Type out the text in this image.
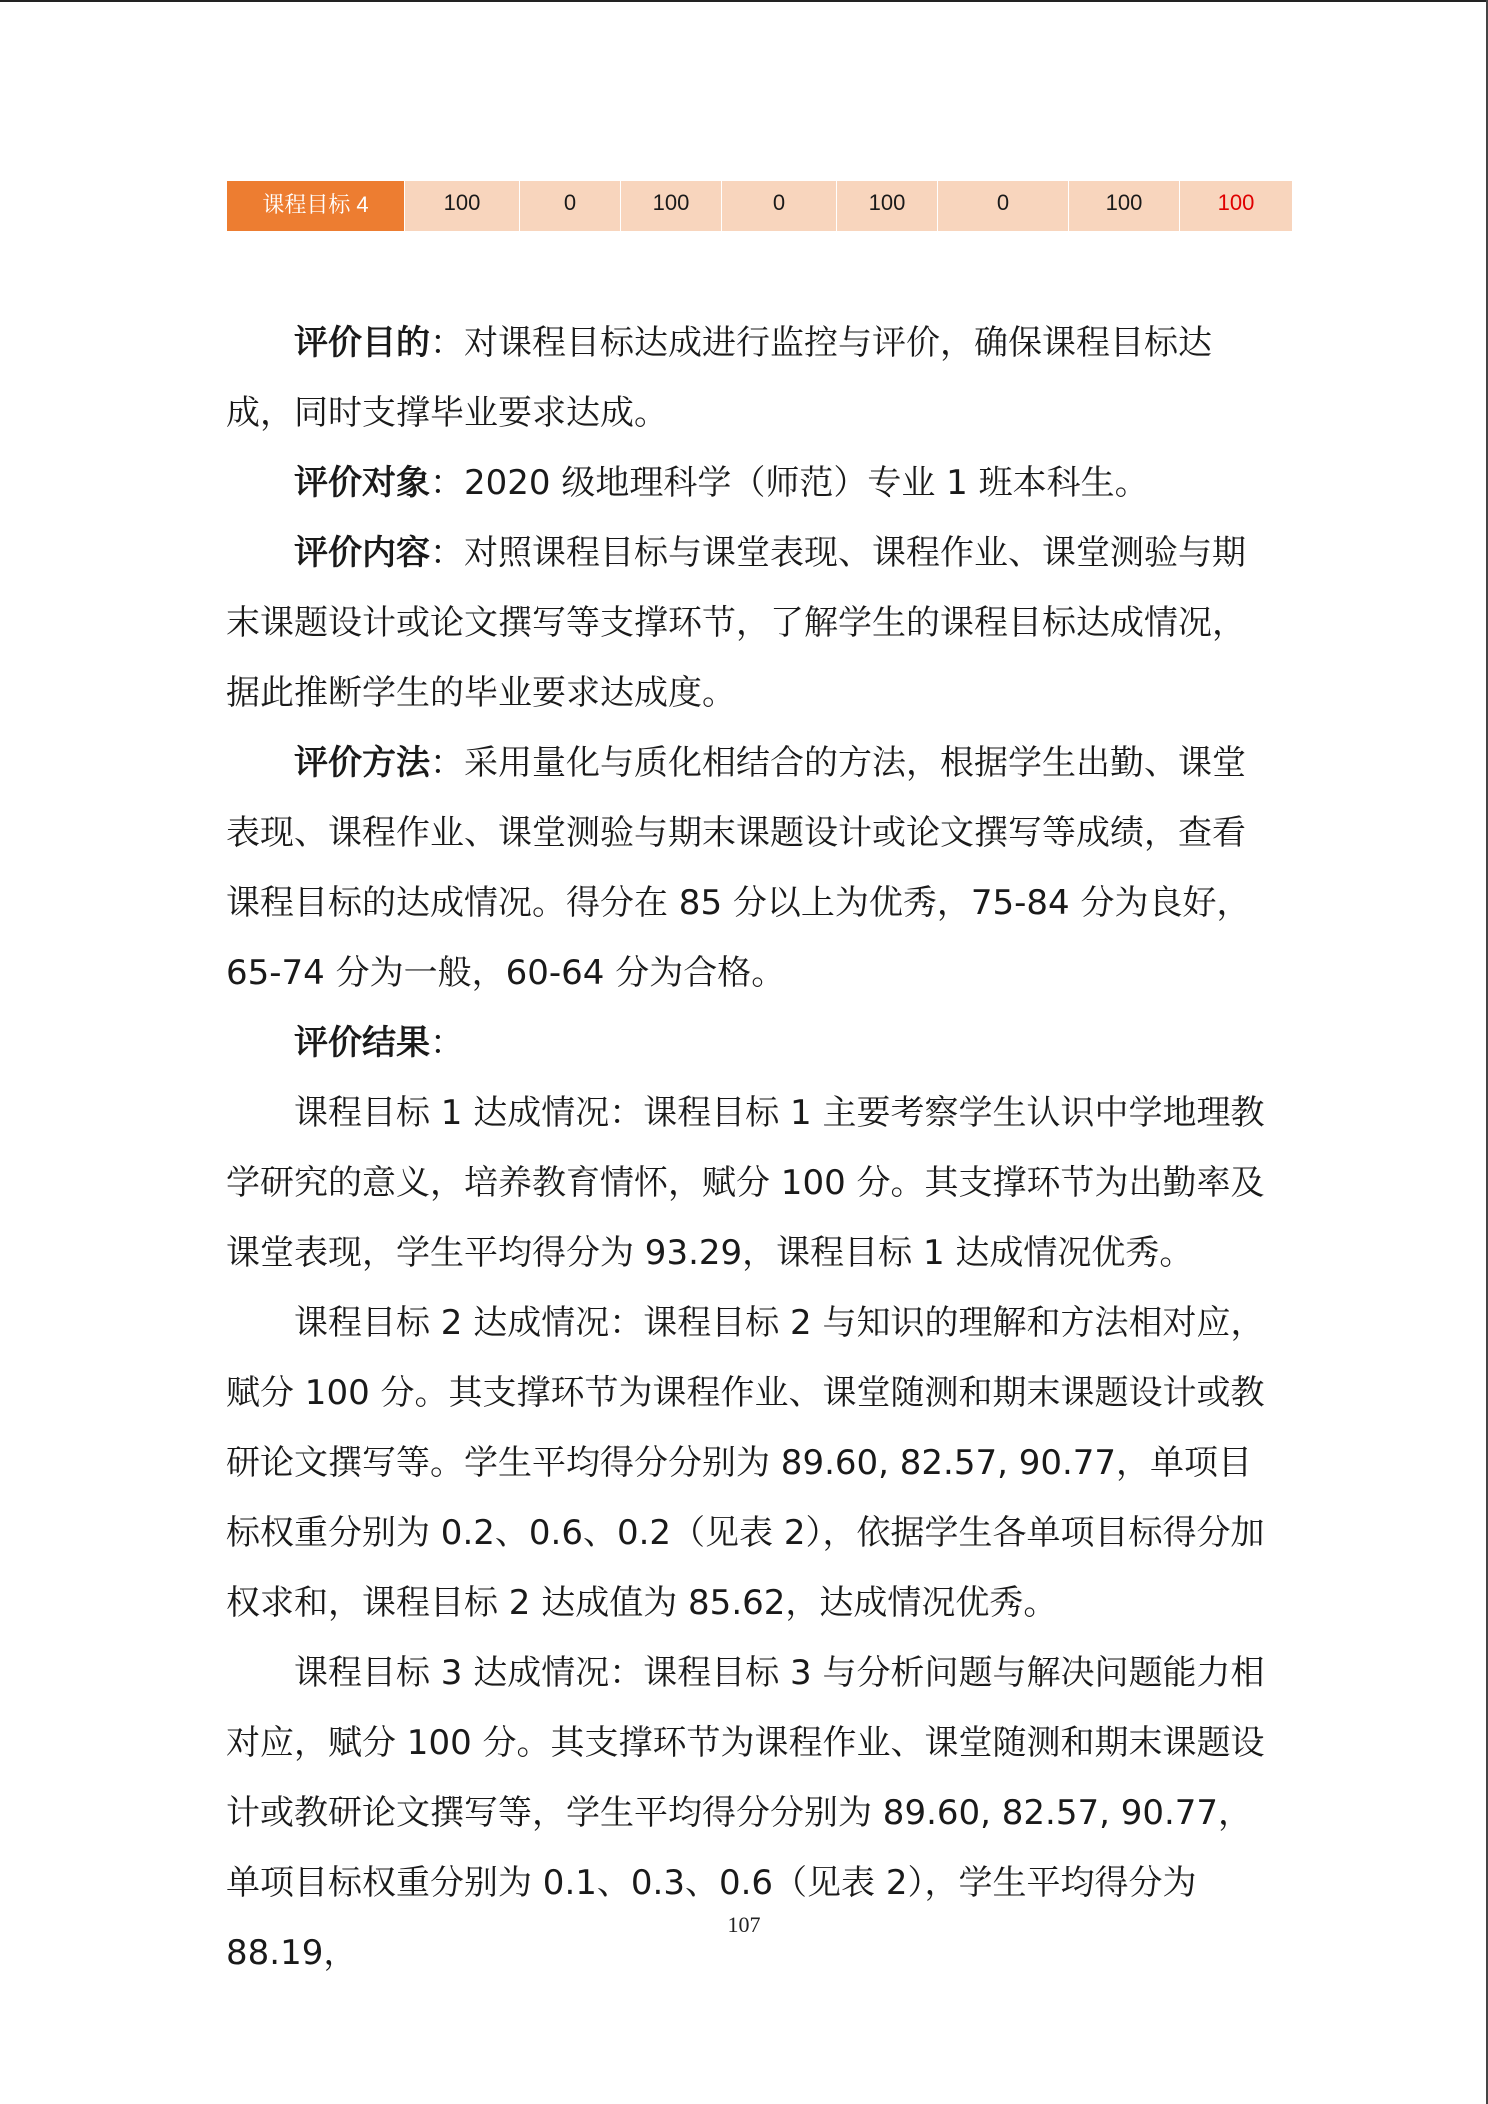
课程目标 4	100	0	100	0	100	0	100	100

评价目的：对课程目标达成进行监控与评价，确保课程目标达成，同时支撑毕业要求达成。

评价对象：2020 级地理科学（师范）专业 1 班本科生。

评价内容：对照课程目标与课堂表现、课程作业、课堂测验与期末课题设计或论文撰写等支撑环节，了解学生的课程目标达成情况，据此推断学生的毕业要求达成度。

评价方法：采用量化与质化相结合的方法，根据学生出勤、课堂表现、课程作业、课堂测验与期末课题设计或论文撰写等成绩，查看课程目标的达成情况。得分在 85 分以上为优秀，75-84 分为良好，65-74 分为一般，60-64 分为合格。

评价结果：

课程目标 1 达成情况：课程目标 1 主要考察学生认识中学地理教学研究的意义，培养教育情怀，赋分 100 分。其支撑环节为出勤率及课堂表现，学生平均得分为 93.29，课程目标 1 达成情况优秀。

课程目标 2 达成情况：课程目标 2 与知识的理解和方法相对应，赋分 100 分。其支撑环节为课程作业、课堂随测和期末课题设计或教研论文撰写等。学生平均得分分别为 89.60, 82.57, 90.77，单项目标权重分别为 0.2、0.6、0.2（见表 2），依据学生各单项目标得分加权求和，课程目标 2 达成值为 85.62，达成情况优秀。

课程目标 3 达成情况：课程目标 3 与分析问题与解决问题能力相对应，赋分 100 分。其支撑环节为课程作业、课堂随测和期末课题设计或教研论文撰写等，学生平均得分分别为 89.60, 82.57, 90.77，单项目标权重分别为 0.1、0.3、0.6（见表 2），学生平均得分为 88.19，

107
